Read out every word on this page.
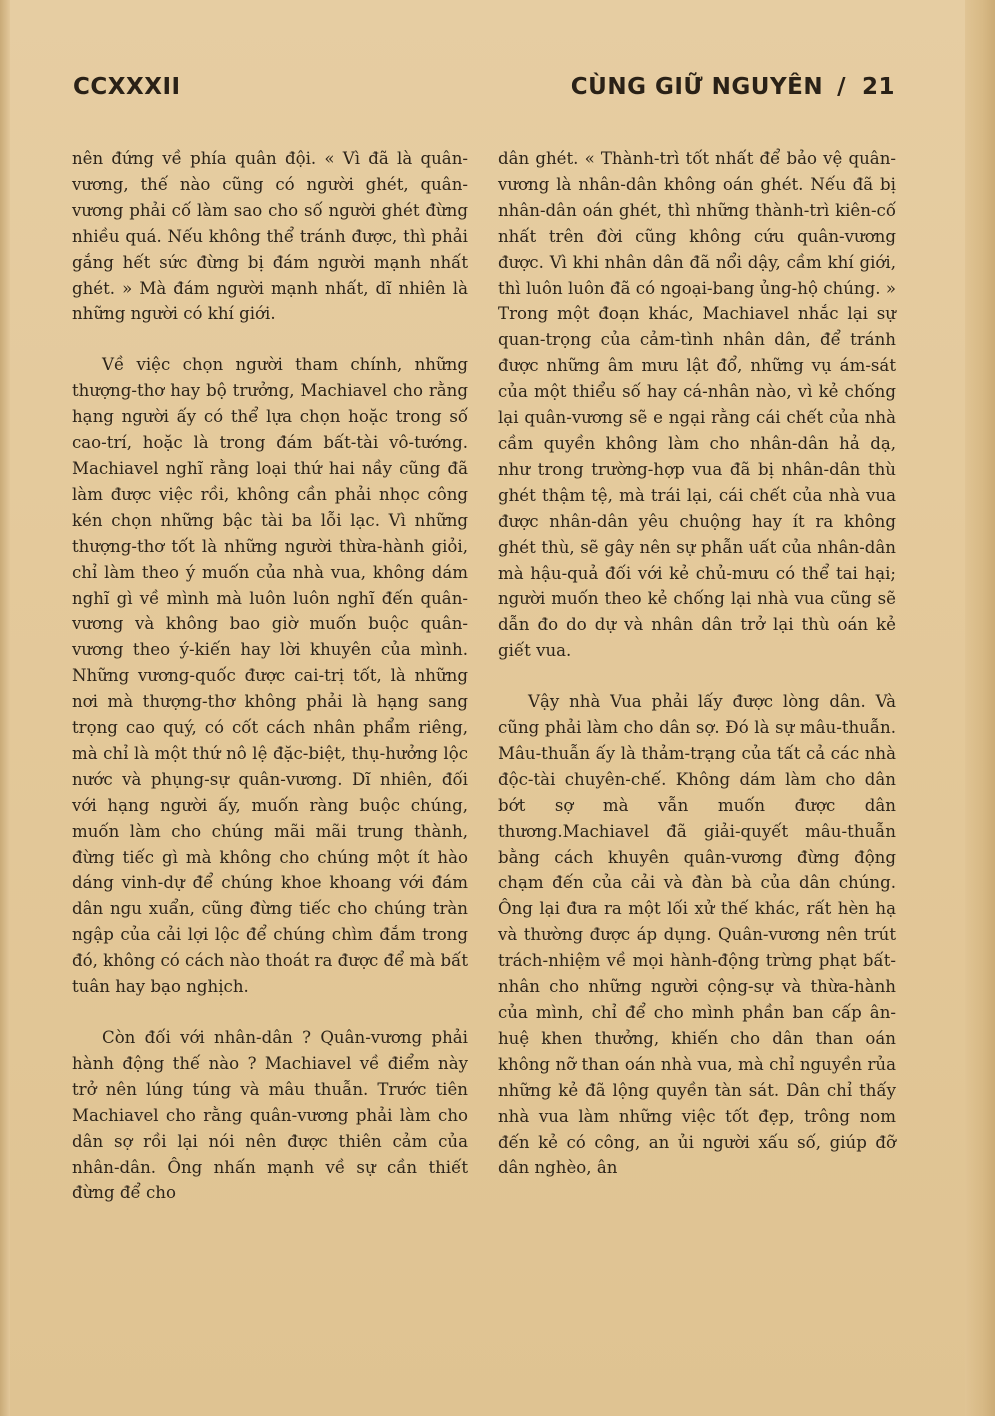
CCXXXII	CÙNG GIỮ NGUYÊN / 21

nên đứng về phía quân đội. « Vì đã là quân-vương, thế nào cũng có người ghét, quân-vương phải cố làm sao cho số người ghét đừng nhiều quá. Nếu không thể tránh được, thì phải gắng hết sức đừng bị đám người mạnh nhất ghét. » Mà đám người mạnh nhất, dĩ nhiên là những người có khí giới.

Về việc chọn người tham chính, những thượng-thơ hay bộ trưởng, Machiavel cho rằng hạng người ấy có thể lựa chọn hoặc trong số cao-trí, hoặc là trong đám bất-tài vô-tướng. Machiavel nghĩ rằng loại thứ hai nầy cũng đã làm được việc rồi, không cần phải nhọc công kén chọn những bậc tài ba lỗi lạc. Vì những thượng-thơ tốt là những người thừa-hành giỏi, chỉ làm theo ý muốn của nhà vua, không dám nghĩ gì về mình mà luôn luôn nghĩ đến quân-vương và không bao giờ muốn buộc quân-vương theo ý-kiến hay lời khuyên của mình. Những vương-quốc được cai-trị tốt, là những nơi mà thượng-thơ không phải là hạng sang trọng cao quý, có cốt cách nhân phẩm riêng, mà chỉ là một thứ nô lệ đặc-biệt, thụ-hưởng lộc nước và phụng-sự quân-vương. Dĩ nhiên, đối với hạng người ấy, muốn ràng buộc chúng, muốn làm cho chúng mãi mãi trung thành, đừng tiếc gì mà không cho chúng một ít hào dáng vinh-dự để chúng khoe khoang với đám dân ngu xuẩn, cũng đừng tiếc cho chúng tràn ngập của cải lợi lộc để chúng chìm đắm trong đó, không có cách nào thoát ra được để mà bất tuân hay bạo nghịch.

Còn đối với nhân-dân ? Quân-vương phải hành động thế nào ? Machiavel về điểm này trở nên lúng túng và mâu thuẫn. Trước tiên Machiavel cho rằng quân-vương phải làm cho dân sợ rồi lại nói nên được thiên cảm của nhân-dân. Ông nhấn mạnh về sự cần thiết đừng để cho

dân ghét. « Thành-trì tốt nhất để bảo vệ quân-vương là nhân-dân không oán ghét. Nếu đã bị nhân-dân oán ghét, thì những thành-trì kiên-cố nhất trên đời cũng không cứu quân-vương được. Vì khi nhân dân đã nổi dậy, cầm khí giới, thì luôn luôn đã có ngoại-bang ủng-hộ chúng. » Trong một đoạn khác, Machiavel nhắc lại sự quan-trọng của cảm-tình nhân dân, để tránh được những âm mưu lật đổ, những vụ ám-sát của một thiểu số hay cá-nhân nào, vì kẻ chống lại quân-vương sẽ e ngại rằng cái chết của nhà cầm quyền không làm cho nhân-dân hả dạ, như trong trường-hợp vua đã bị nhân-dân thù ghét thậm tệ, mà trái lại, cái chết của nhà vua được nhân-dân yêu chuộng hay ít ra không ghét thù, sẽ gây nên sự phẫn uất của nhân-dân mà hậu-quả đối với kẻ chủ-mưu có thể tai hại; người muốn theo kẻ chống lại nhà vua cũng sẽ dẫn đo do dự và nhân dân trở lại thù oán kẻ giết vua.

Vậy nhà Vua phải lấy được lòng dân. Và cũng phải làm cho dân sợ. Đó là sự mâu-thuẫn. Mâu-thuẫn ấy là thảm-trạng của tất cả các nhà độc-tài chuyên-chế. Không dám làm cho dân bớt sợ mà vẫn muốn được dân thương.Machiavel đã giải-quyết mâu-thuẫn bằng cách khuyên quân-vương đừng động chạm đến của cải và đàn bà của dân chúng. Ông lại đưa ra một lối xử thế khác, rất hèn hạ và thường được áp dụng. Quân-vương nên trút trách-nhiệm về mọi hành-động trừng phạt bất-nhân cho những người cộng-sự và thừa-hành của mình, chỉ để cho mình phần ban cấp ân-huệ khen thưởng, khiến cho dân than oán không nỡ than oán nhà vua, mà chỉ nguyền rủa những kẻ đã lộng quyền tàn sát. Dân chỉ thấy nhà vua làm những việc tốt đẹp, trông nom đến kẻ có công, an ủi người xấu số, giúp đỡ dân nghèo, ân
